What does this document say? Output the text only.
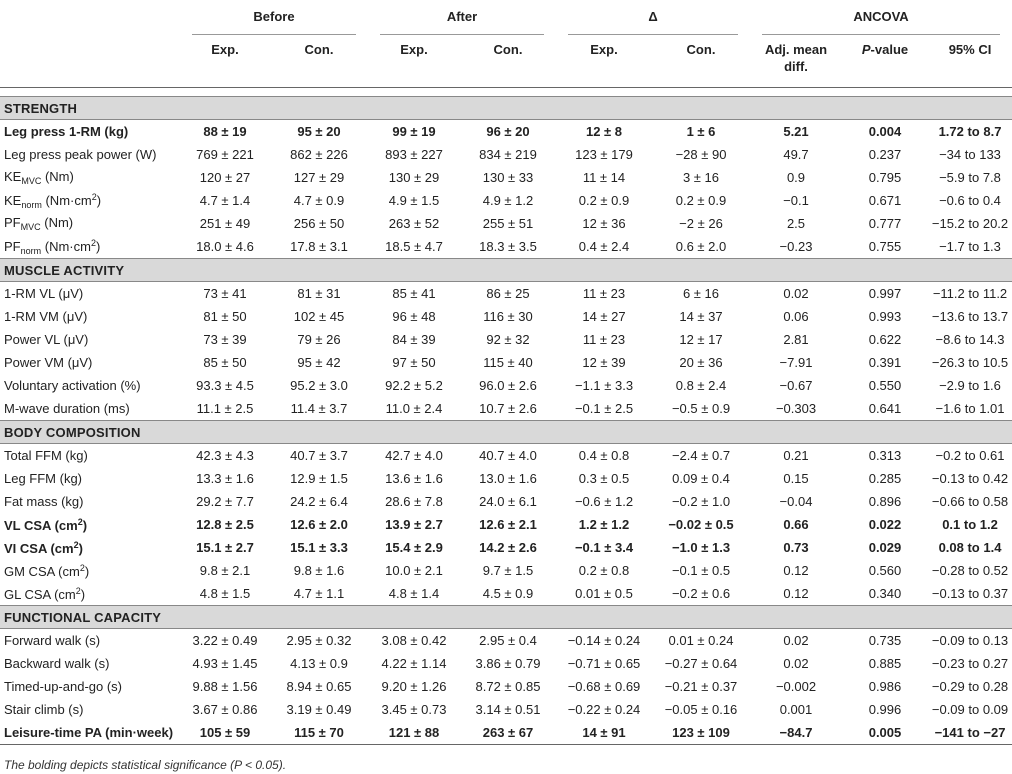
	Before		After		Δ		ANCOVA		

	Exp.	Con.	Exp.	Con.	Exp.	Con.	Adj. mean
diff.	P-value	95% CI

STRENGTH									
Leg press 1-RM (kg)	88 ± 19	95 ± 20	99 ± 19	96 ± 20	12 ± 8	1 ± 6	5.21	0.004	1.72 to 8.7
Leg press peak power (W)	769 ± 221	862 ± 226	893 ± 227	834 ± 219	123 ± 179	−28 ± 90	49.7	0.237	−34 to 133
$KE_{MVC}$ (Nm)	120 ± 27	127 ± 29	130 ± 29	130 ± 33	11 ± 14	3 ± 16	0.9	0.795	−5.9 to 7.8
$KE_{norm}$ $(Nm\cdot cm^2)$	4.7 ± 1.4	4.7 ± 0.9	4.9 ± 1.5	4.9 ± 1.2	0.2 ± 0.9	0.2 ± 0.9	−0.1	0.671	−0.6 to 0.4
$PF_{MVC}$ (Nm)	251 ± 49	256 ± 50	263 ± 52	255 ± 51	12 ± 36	−2 ± 26	2.5	0.777	−15.2 to 20.2
$PF_{norm}$ $(Nm\cdot cm^2)$	18.0 ± 4.6	17.8 ± 3.1	18.5 ± 4.7	18.3 ± 3.5	0.4 ± 2.4	0.6 ± 2.0	−0.23	0.755	−1.7 to 1.3
MUSCLE ACTIVITY									
1-RM VL (μV)	73 ± 41	81 ± 31	85 ± 41	86 ± 25	11 ± 23	6 ± 16	0.02	0.997	−11.2 to 11.2
1-RM VM (μV)	81 ± 50	102 ± 45	96 ± 48	116 ± 30	14 ± 27	14 ± 37	0.06	0.993	−13.6 to 13.7
Power VL (μV)	73 ± 39	79 ± 26	84 ± 39	92 ± 32	11 ± 23	12 ± 17	2.81	0.622	−8.6 to 14.3
Power VM (μV)	85 ± 50	95 ± 42	97 ± 50	115 ± 40	12 ± 39	20 ± 36	−7.91	0.391	−26.3 to 10.5
Voluntary activation (%)	93.3 ± 4.5	95.2 ± 3.0	92.2 ± 5.2	96.0 ± 2.6	−1.1 ± 3.3	0.8 ± 2.4	−0.67	0.550	−2.9 to 1.6
M-wave duration (ms)	11.1 ± 2.5	11.4 ± 3.7	11.0 ± 2.4	10.7 ± 2.6	−0.1 ± 2.5	−0.5 ± 0.9	−0.303	0.641	−1.6 to 1.01
BODY COMPOSITION									
Total FFM (kg)	42.3 ± 4.3	40.7 ± 3.7	42.7 ± 4.0	40.7 ± 4.0	0.4 ± 0.8	−2.4 ± 0.7	0.21	0.313	−0.2 to 0.61
Leg FFM (kg)	13.3 ± 1.6	12.9 ± 1.5	13.6 ± 1.6	13.0 ± 1.6	0.3 ± 0.5	0.09 ± 0.4	0.15	0.285	−0.13 to 0.42
Fat mass (kg)	29.2 ± 7.7	24.2 ± 6.4	28.6 ± 7.8	24.0 ± 6.1	−0.6 ± 1.2	−0.2 ± 1.0	−0.04	0.896	−0.66 to 0.58
VL CSA $(cm^2)$	12.8 ± 2.5	12.6 ± 2.0	13.9 ± 2.7	12.6 ± 2.1	1.2 ± 1.2	−0.02 ± 0.5	0.66	0.022	0.1 to 1.2
VI CSA $(cm^2)$	15.1 ± 2.7	15.1 ± 3.3	15.4 ± 2.9	14.2 ± 2.6	−0.1 ± 3.4	−1.0 ± 1.3	0.73	0.029	0.08 to 1.4
GM CSA $(cm^2)$	9.8 ± 2.1	9.8 ± 1.6	10.0 ± 2.1	9.7 ± 1.5	0.2 ± 0.8	−0.1 ± 0.5	0.12	0.560	−0.28 to 0.52
GL CSA $(cm^2)$	4.8 ± 1.5	4.7 ± 1.1	4.8 ± 1.4	4.5 ± 0.9	0.01 ± 0.5	−0.2 ± 0.6	0.12	0.340	−0.13 to 0.37
FUNCTIONAL CAPACITY									
Forward walk (s)	3.22 ± 0.49	2.95 ± 0.32	3.08 ± 0.42	2.95 ± 0.4	−0.14 ± 0.24	0.01 ± 0.24	0.02	0.735	−0.09 to 0.13
Backward walk (s)	4.93 ± 1.45	4.13 ± 0.9	4.22 ± 1.14	3.86 ± 0.79	−0.71 ± 0.65	−0.27 ± 0.64	0.02	0.885	−0.23 to 0.27
Timed-up-and-go (s)	9.88 ± 1.56	8.94 ± 0.65	9.20 ± 1.26	8.72 ± 0.85	−0.68 ± 0.69	−0.21 ± 0.37	−0.002	0.986	−0.29 to 0.28
Stair climb (s)	3.67 ± 0.86	3.19 ± 0.49	3.45 ± 0.73	3.14 ± 0.51	−0.22 ± 0.24	−0.05 ± 0.16	0.001	0.996	−0.09 to 0.09
Leisure-time PA (min·week)	105 ± 59	115 ± 70	121 ± 88	263 ± 67	14 ± 91	123 ± 109	−84.7	0.005	−141 to −27
The bolding depicts statistical significance (P < 0.05).
